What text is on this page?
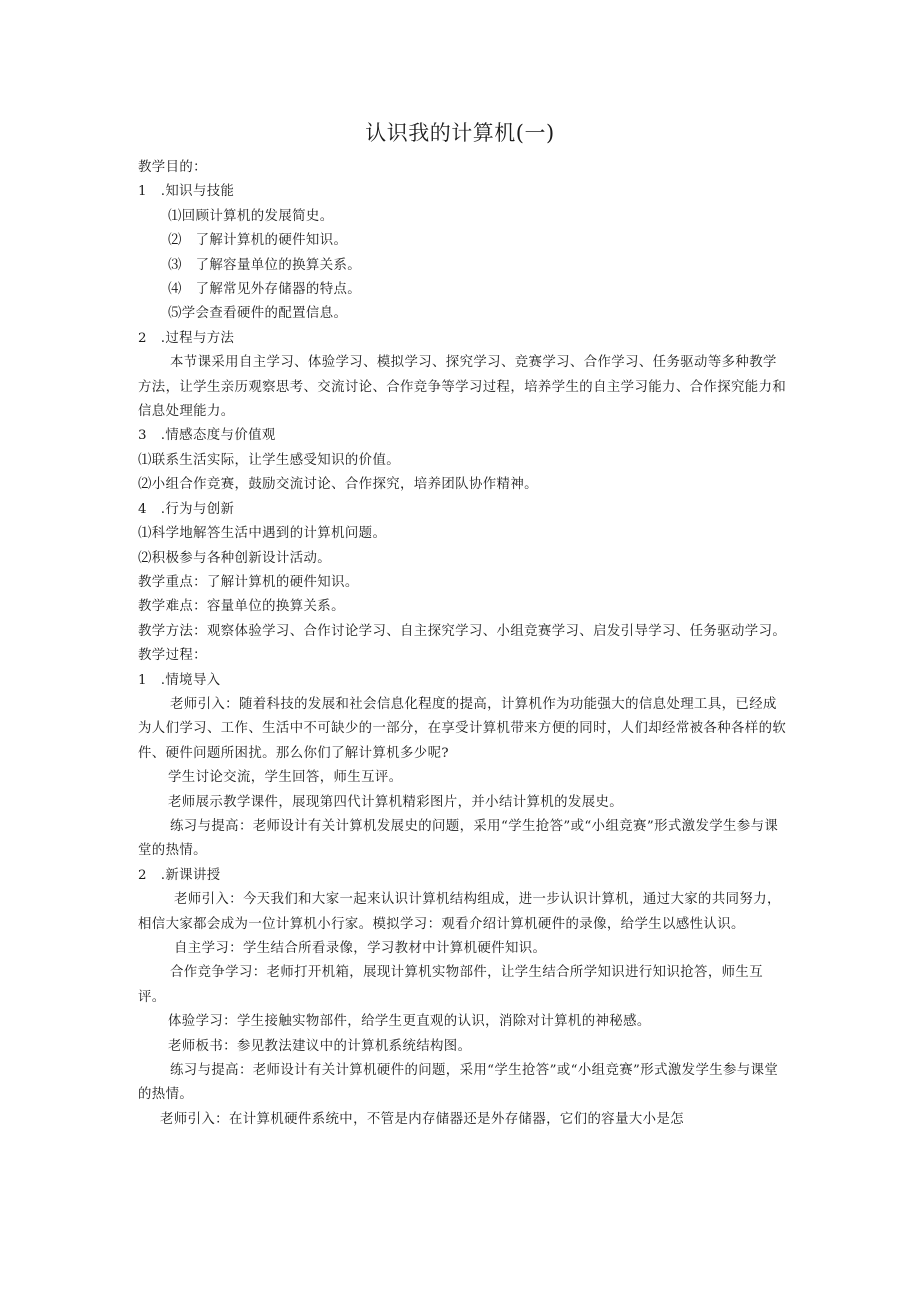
认识我的计算机(一)

教学目的：

1　.知识与技能

⑴回顾计算机的发展简史。

⑵　了解计算机的硬件知识。

⑶　了解容量单位的换算关系。

⑷　了解常见外存储器的特点。

⑸学会查看硬件的配置信息。

2　.过程与方法

本节课采用自主学习、体验学习、模拟学习、探究学习、竞赛学习、合作学习、任务驱动等多种教学方法，让学生亲历观察思考、交流讨论、合作竞争等学习过程，培养学生的自主学习能力、合作探究能力和信息处理能力。

3　.情感态度与价值观

⑴联系生活实际，让学生感受知识的价值。

⑵小组合作竞赛，鼓励交流讨论、合作探究，培养团队协作精神。

4　.行为与创新

⑴科学地解答生活中遇到的计算机问题。

⑵积极参与各种创新设计活动。

教学重点：了解计算机的硬件知识。

教学难点：容量单位的换算关系。

教学方法：观察体验学习、合作讨论学习、自主探究学习、小组竞赛学习、启发引导学习、任务驱动学习。

教学过程：

1　.情境导入

老师引入：随着科技的发展和社会信息化程度的提高，计算机作为功能强大的信息处理工具，已经成为人们学习、工作、生活中不可缺少的一部分，在享受计算机带来方便的同时，人们却经常被各种各样的软件、硬件问题所困扰。那么你们了解计算机多少呢?

学生讨论交流，学生回答，师生互评。

老师展示教学课件，展现第四代计算机精彩图片，并小结计算机的发展史。

练习与提高：老师设计有关计算机发展史的问题，采用“学生抢答”或“小组竞赛”形式激发学生参与课堂的热情。

2　.新课讲授

老师引入：今天我们和大家一起来认识计算机结构组成，进一步认识计算机，通过大家的共同努力，相信大家都会成为一位计算机小行家。模拟学习：观看介绍计算机硬件的录像，给学生以感性认识。

自主学习：学生结合所看录像，学习教材中计算机硬件知识。

合作竞争学习：老师打开机箱，展现计算机实物部件，让学生结合所学知识进行知识抢答，师生互评。

体验学习：学生接触实物部件，给学生更直观的认识，消除对计算机的神秘感。

老师板书：参见教法建议中的计算机系统结构图。

练习与提高：老师设计有关计算机硬件的问题，采用“学生抢答”或“小组竞赛”形式激发学生参与课堂的热情。

老师引入：在计算机硬件系统中，不管是内存储器还是外存储器，它们的容量大小是怎
